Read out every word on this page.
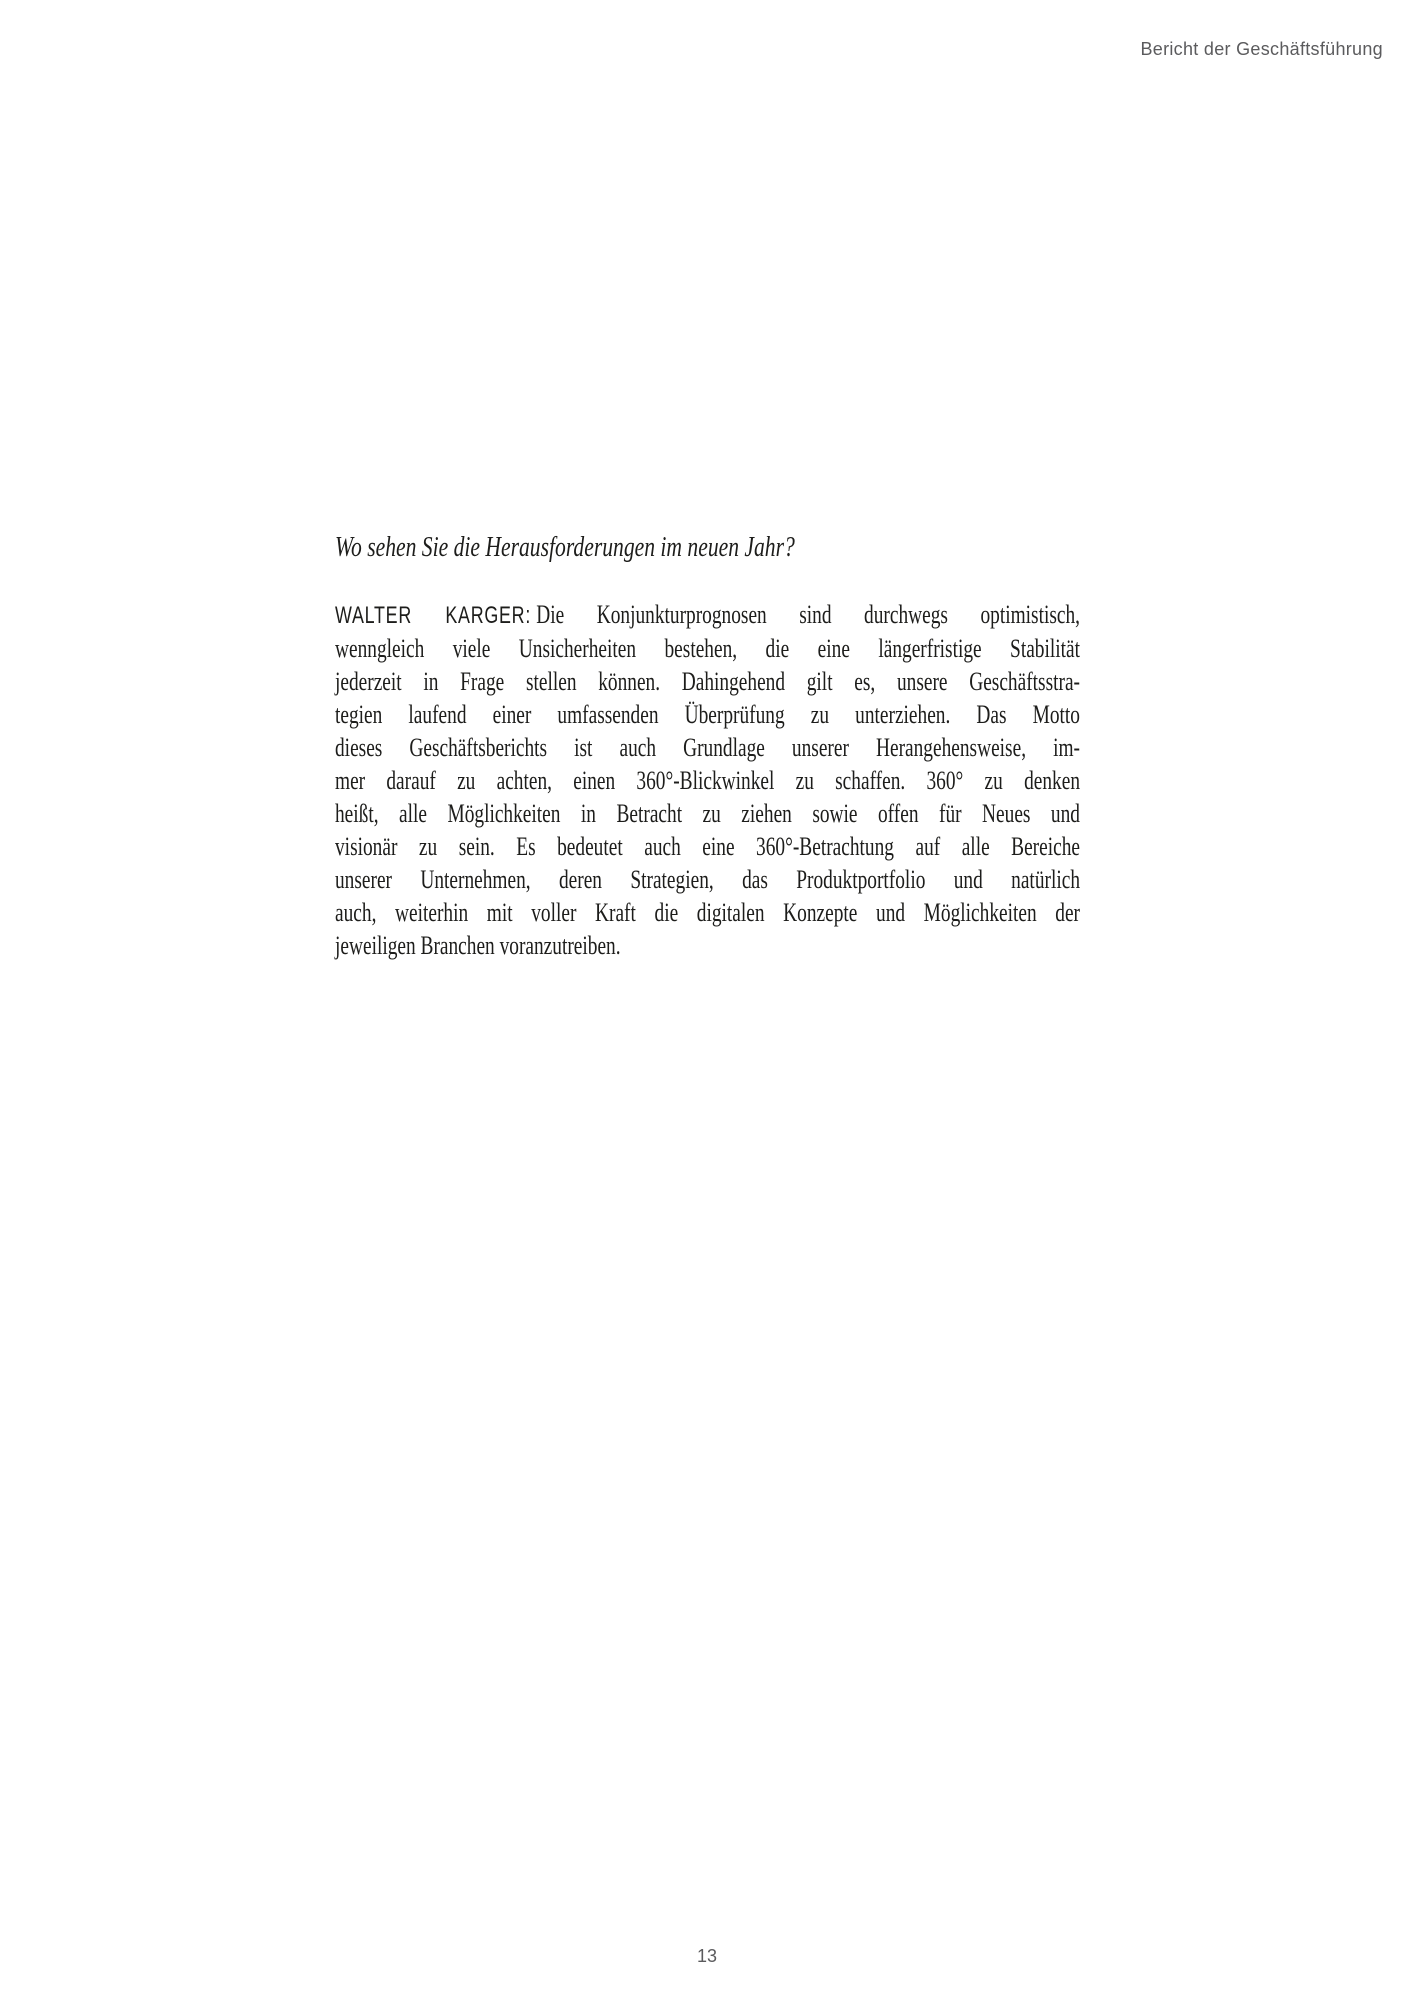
Bericht der Geschäftsführung

Wo sehen Sie die Herausforderungen im neuen Jahr?

WALTER KARGER: Die Konjunkturprognosen sind durchwegs optimistisch,
wenngleich viele Unsicherheiten bestehen, die eine längerfristige Stabilität
jederzeit in Frage stellen können. Dahingehend gilt es, unsere Geschäftsstra-
tegien laufend einer umfassenden Überprüfung zu unterziehen. Das Motto
dieses Geschäftsberichts ist auch Grundlage unserer Herangehensweise, im-
mer darauf zu achten, einen 360°-Blickwinkel zu schaffen. 360° zu denken
heißt, alle Möglichkeiten in Betracht zu ziehen sowie offen für Neues und
visionär zu sein. Es bedeutet auch eine 360°-Betrachtung auf alle Bereiche
unserer Unternehmen, deren Strategien, das Produktportfolio und natürlich
auch, weiterhin mit voller Kraft die digitalen Konzepte und Möglichkeiten der
jeweiligen Branchen voranzutreiben.
13
